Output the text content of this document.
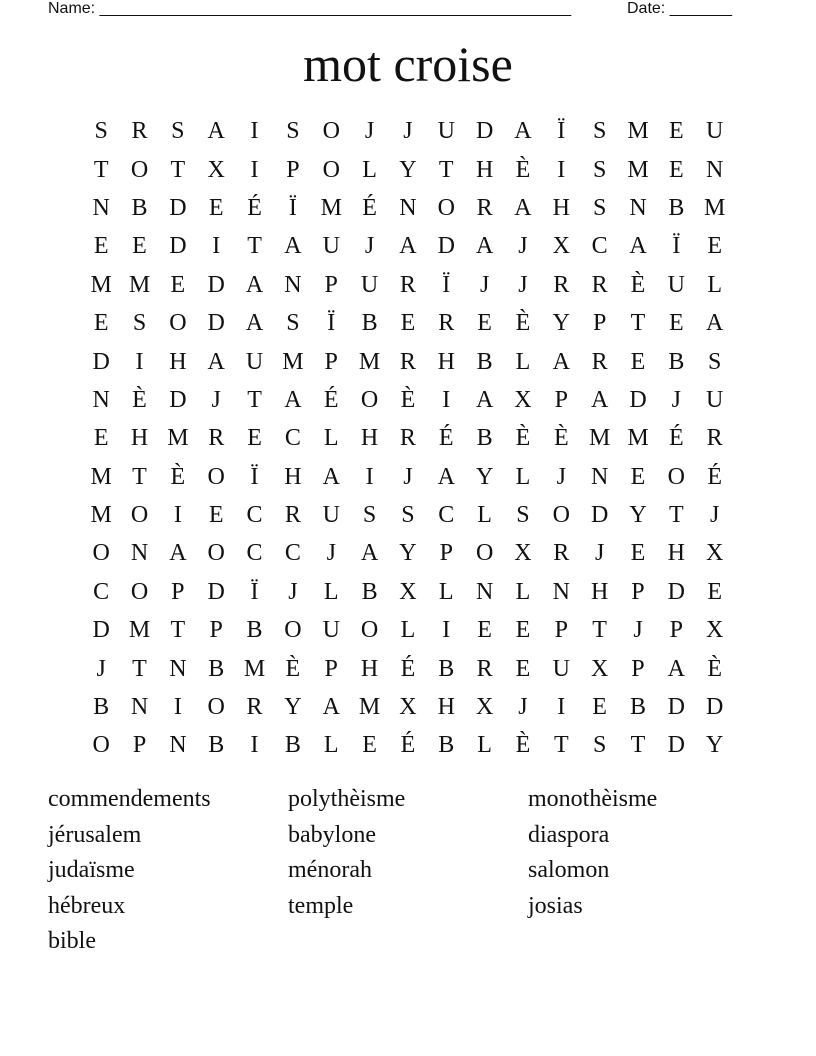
Name: _____________________________________________________	Date: _______
mot croise
S R S A	I	S O	J	J	U D A	Ï	S M E U
T O T X	I	P O L Y T H È	I	S M E N
N B D E É	Ï M É N O R A H S N B M
E E D	I	T A U	J	A D A	J	X C A	Ï	E
M M E D A N P U R	Ï	J	J	R R È U L
E	S O D A S	Ï	B E R E È Y P	T E A
D	I	H A U M P M R H B L A R E B S
N È D	J	T A É O È	I	A X P A D	J	U
E H M R E C L H R É B È È M M É R
M T È O	Ï	H A	I	J	A Y L	J	N E O É
M O	I	E C R U S	S C L	S O D Y T	J
O N A O C C	J	A Y P O X R	J	E H X
C O P D	Ï	J	L B X L N L N H P D E
D M T	P B O U O L	I	E E	P	T	J	P X
J	T N B M È	P H É B R E U X P A È
B N	I	O R Y A M X H X	J	I	E B D D
O P N B	I	B L E É B L È T	S	T D Y
commendements	polythèisme	monothèisme
jérusalem	babylone	diaspora
judaïsme	ménorah	salomon
hébreux	temple	josias
bible
